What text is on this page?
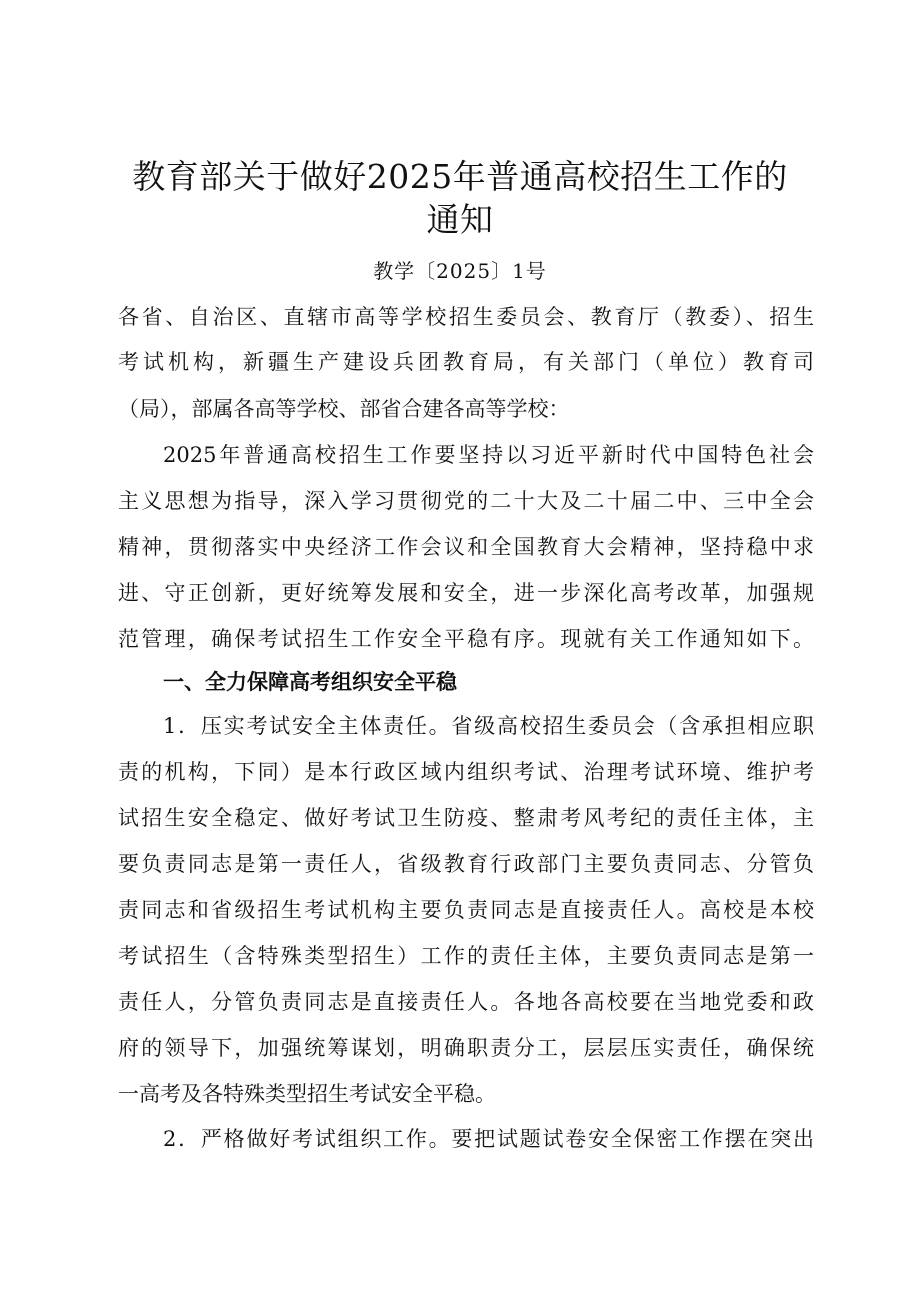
教育部关于做好2025年普通高校招生工作的
通知
教学〔2025〕1号
各省、自治区、直辖市高等学校招生委员会、教育厅（教委）、招生
考试机构，新疆生产建设兵团教育局，有关部门（单位）教育司
（局），部属各高等学校、部省合建各高等学校：
2025年普通高校招生工作要坚持以习近平新时代中国特色社会
主义思想为指导，深入学习贯彻党的二十大及二十届二中、三中全会
精神，贯彻落实中央经济工作会议和全国教育大会精神，坚持稳中求
进、守正创新，更好统筹发展和安全，进一步深化高考改革，加强规
范管理，确保考试招生工作安全平稳有序。现就有关工作通知如下。
一、全力保障高考组织安全平稳
1．压实考试安全主体责任。省级高校招生委员会（含承担相应职
责的机构，下同）是本行政区域内组织考试、治理考试环境、维护考
试招生安全稳定、做好考试卫生防疫、整肃考风考纪的责任主体，主
要负责同志是第一责任人，省级教育行政部门主要负责同志、分管负
责同志和省级招生考试机构主要负责同志是直接责任人。高校是本校
考试招生（含特殊类型招生）工作的责任主体，主要负责同志是第一
责任人，分管负责同志是直接责任人。各地各高校要在当地党委和政
府的领导下，加强统筹谋划，明确职责分工，层层压实责任，确保统
一高考及各特殊类型招生考试安全平稳。
2．严格做好考试组织工作。要把试题试卷安全保密工作摆在突出
